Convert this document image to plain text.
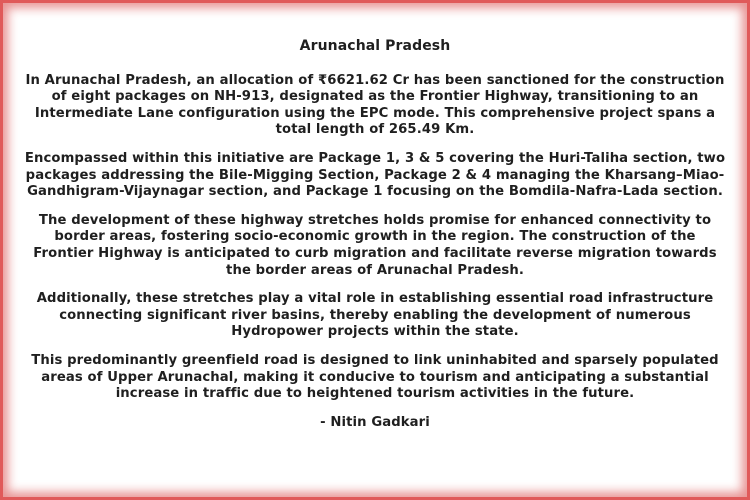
Arunachal Pradesh

In Arunachal Pradesh, an allocation of ₹6621.62 Cr has been sanctioned for the construction of eight packages on NH-913, designated as the Frontier Highway, transitioning to an Intermediate Lane configuration using the EPC mode. This comprehensive project spans a total length of 265.49 Km.

Encompassed within this initiative are Package 1, 3 & 5 covering the Huri-Taliha section, two packages addressing the Bile-Migging Section, Package 2 & 4 managing the Kharsang–Miao-Gandhigram-Vijaynagar section, and Package 1 focusing on the Bomdila-Nafra-Lada section.

The development of these highway stretches holds promise for enhanced connectivity to border areas, fostering socio-economic growth in the region. The construction of the Frontier Highway is anticipated to curb migration and facilitate reverse migration towards the border areas of Arunachal Pradesh.

Additionally, these stretches play a vital role in establishing essential road infrastructure connecting significant river basins, thereby enabling the development of numerous Hydropower projects within the state.

This predominantly greenfield road is designed to link uninhabited and sparsely populated areas of Upper Arunachal, making it conducive to tourism and anticipating a substantial increase in traffic due to heightened tourism activities in the future.

- Nitin Gadkari
